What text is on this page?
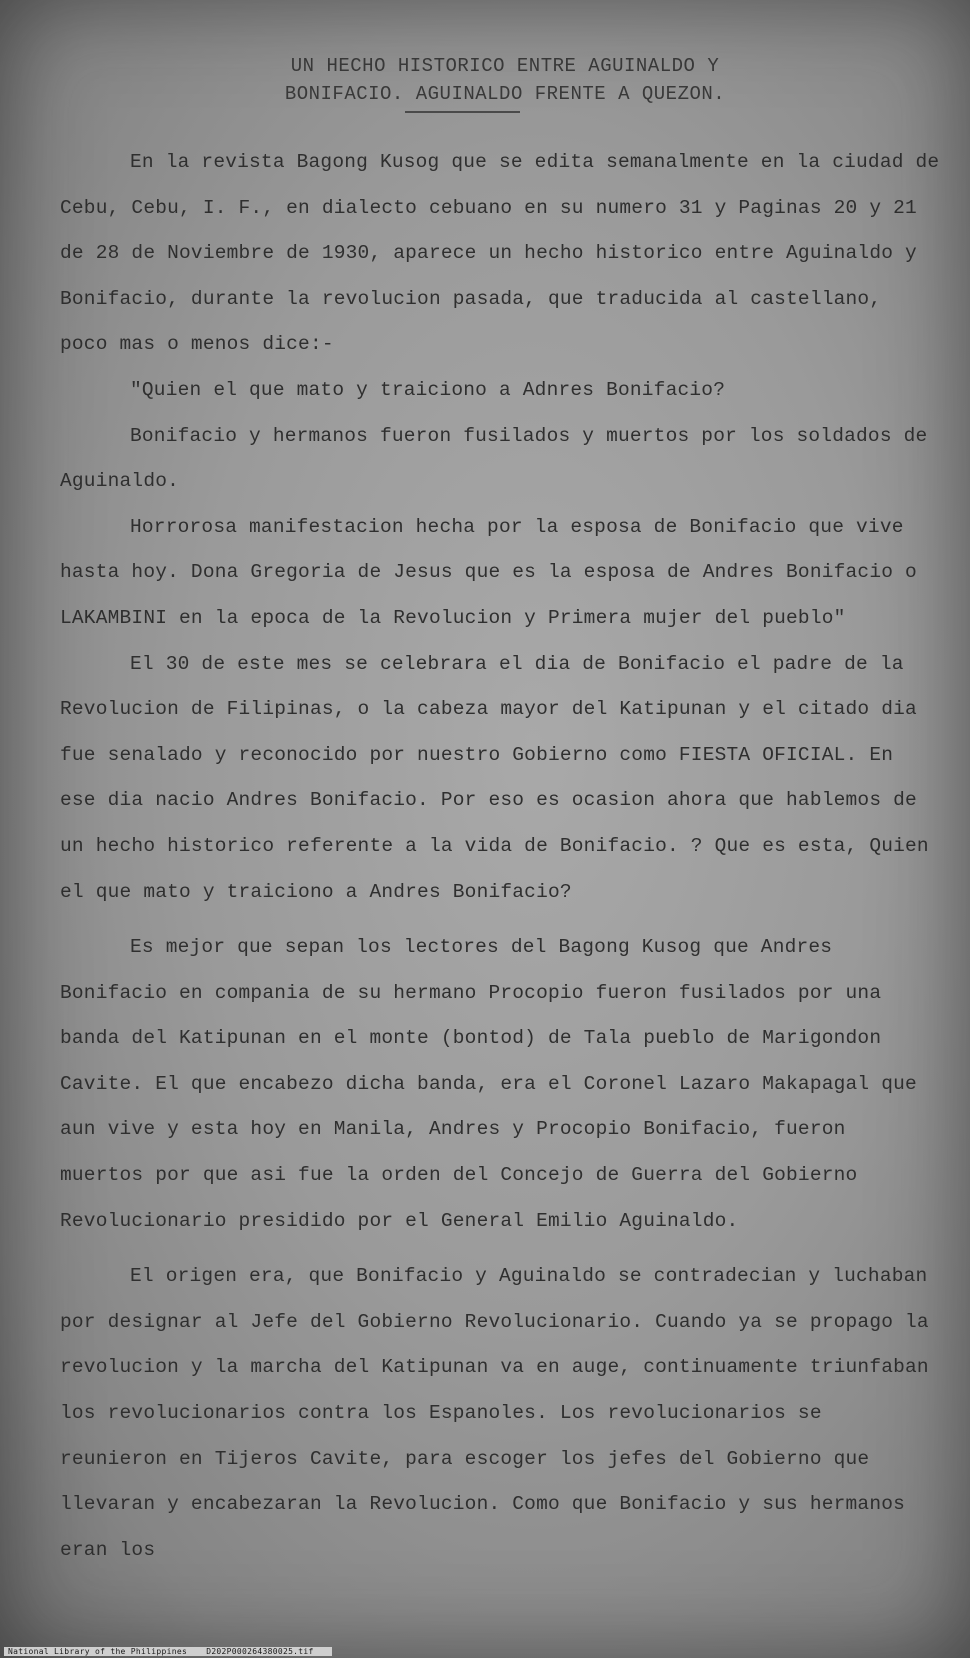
UN HECHO HISTORICO ENTRE AGUINALDO Y
BONIFACIO. AGUINALDO FRENTE A QUEZON.

En la revista Bagong Kusog que se edita semanalmente en la ciudad de Cebu, Cebu, I. F., en dialecto cebuano en su numero 31 y Paginas 20 y 21 de 28 de Noviembre de 1930, aparece un hecho historico entre Aguinaldo y Bonifacio, durante la revolucion pasada, que traducida al castellano, poco mas o menos dice:-

"Quien el que mato y traiciono a Adnres Bonifacio?

Bonifacio y hermanos fueron fusilados y muertos por los soldados de Aguinaldo.

Horrorosa manifestacion hecha por la esposa de Bonifacio que vive hasta hoy. Dona Gregoria de Jesus que es la esposa de Andres Bonifacio o LAKAMBINI en la epoca de la Revolucion y Primera mujer del pueblo"

El 30 de este mes se celebrara el dia de Bonifacio el padre de la Revolucion de Filipinas, o la cabeza mayor del Katipunan y el citado dia fue senalado y reconocido por nuestro Gobierno como FIESTA OFICIAL. En ese dia nacio Andres Bonifacio. Por eso es ocasion ahora que hablemos de un hecho historico referente a la vida de Bonifacio. ? Que es esta, Quien el que mato y traiciono a Andres Bonifacio?

Es mejor que sepan los lectores del Bagong Kusog que Andres Bonifacio en compania de su hermano Procopio fueron fusilados por una banda del Katipunan en el monte (bontod) de Tala pueblo de Marigondon Cavite. El que encabezo dicha banda, era el Coronel Lazaro Makapagal que aun vive y esta hoy en Manila, Andres y Procopio Bonifacio, fueron muertos por que asi fue la orden del Concejo de Guerra del Gobierno Revolucionario presidido por el General Emilio Aguinaldo.

El origen era, que Bonifacio y Aguinaldo se contradecian y luchaban por designar al Jefe del Gobierno Revolucionario. Cuando ya se propago la revolucion y la marcha del Katipunan va en auge, continuamente triunfaban los revolucionarios contra los Espanoles. Los revolucionarios se reunieron en Tijeros Cavite, para escoger los jefes del Gobierno que llevaran y encabezaran la Revolucion. Como que Bonifacio y sus hermanos eran los

National Library of the Philippines D202P000264380025.tif
